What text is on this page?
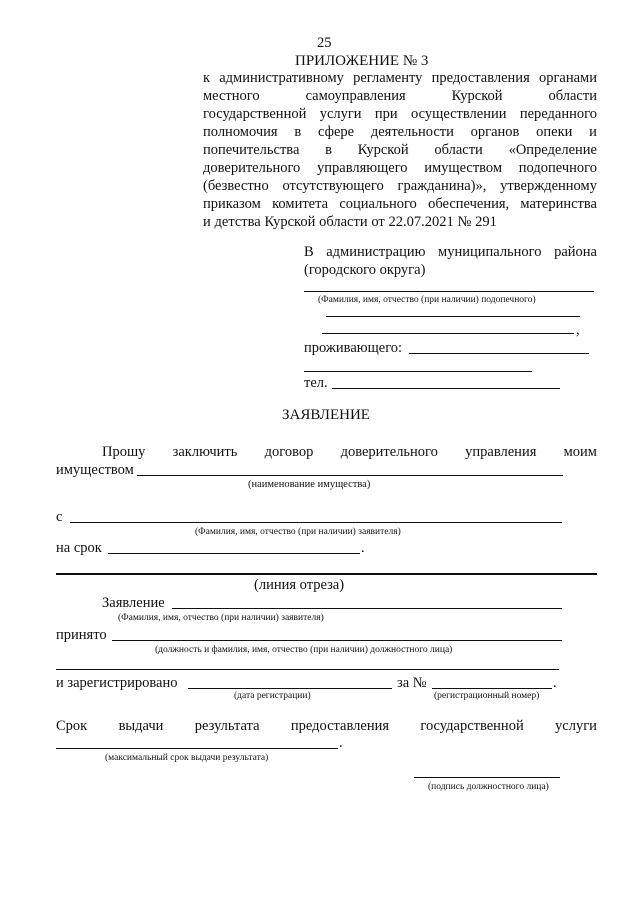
25
ПРИЛОЖЕНИЕ № 3
к административному регламенту предоставления органами
местного	самоуправления	Курской	области
государственной услуги при осуществлении переданного
полномочия в сфере деятельности органов опеки и
попечительства в Курской области «Определение
доверительного управляющего имуществом подопечного
(безвестно отсутствующего гражданина)», утвержденному
приказом комитета социального обеспечения, материнства
и детства Курской области от 22.07.2021 № 291
В администрацию муниципального района
(городского округа)
(Фамилия, имя, отчество (при наличии) подопечного)
,
проживающего:
тел.
ЗАЯВЛЕНИЕ
Прошу заключить договор доверительного управления моим
имуществом
(наименование имущества)
с
(Фамилия, имя, отчество (при наличии) заявителя)
на срок	.
(линия отреза)
Заявление
(Фамилия, имя, отчество (при наличии) заявителя)
принято
(должность и фамилия, имя, отчество (при наличии) должностного лица)
и зарегистрировано	за №	.
(дата регистрации)	(регистрационный номер)
Срок выдачи результата предоставления государственной услуги
.
(максимальный срок выдачи результата)
(подпись должностного лица)
